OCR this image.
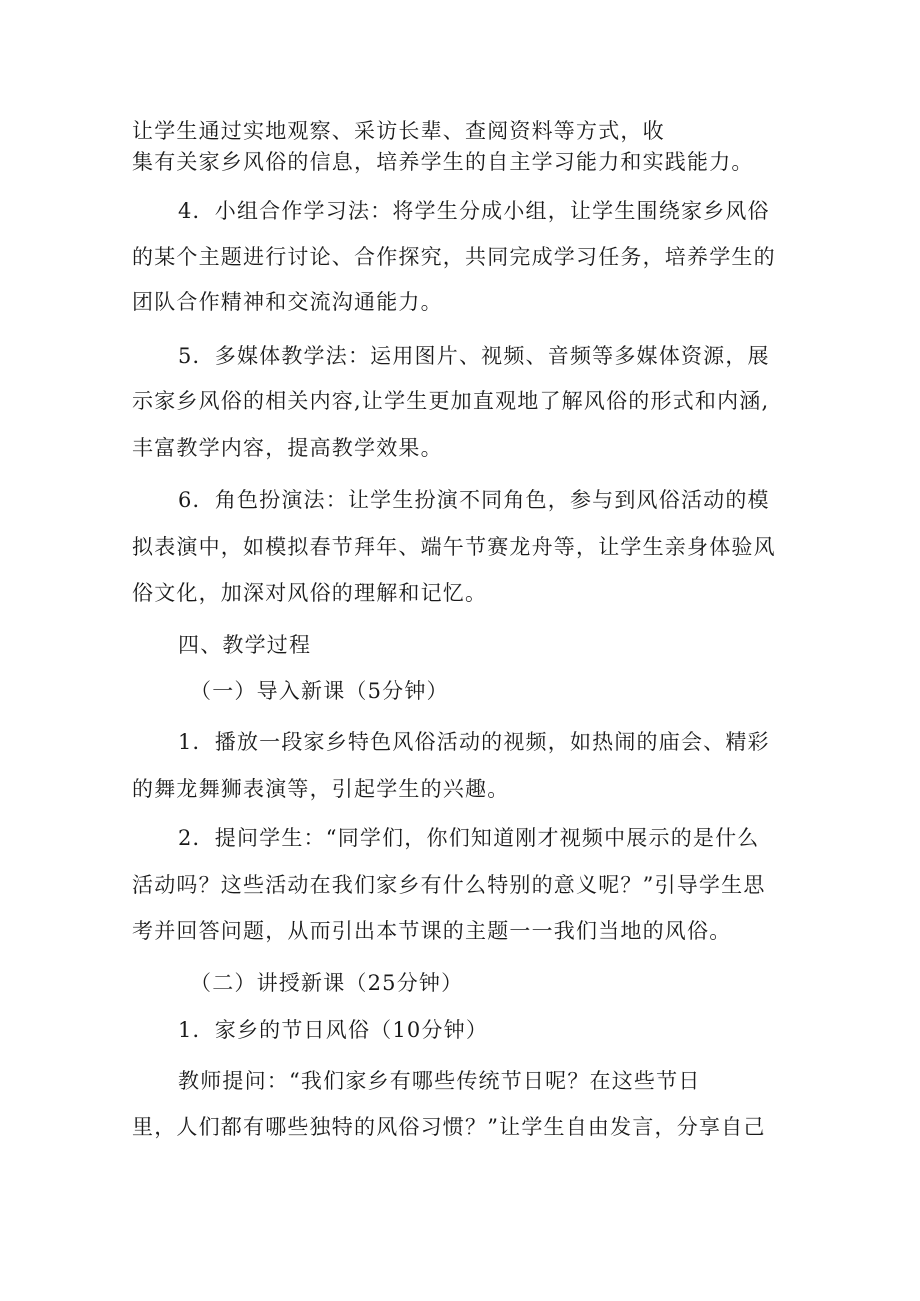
让学生通过实地观察、采访长辈、查阅资料等方式，收
集有关家乡风俗的信息，培养学生的自主学习能力和实践能力。
4．小组合作学习法：将学生分成小组，让学生围绕家乡风俗
的某个主题进行讨论、合作探究，共同完成学习任务，培养学生的
团队合作精神和交流沟通能力。
5．多媒体教学法：运用图片、视频、音频等多媒体资源，展
示家乡风俗的相关内容,让学生更加直观地了解风俗的形式和内涵,
丰富教学内容，提高教学效果。
6．角色扮演法：让学生扮演不同角色，参与到风俗活动的模
拟表演中，如模拟春节拜年、端午节赛龙舟等，让学生亲身体验风
俗文化，加深对风俗的理解和记忆。
四、教学过程
（一）导入新课（5分钟）
1．播放一段家乡特色风俗活动的视频，如热闹的庙会、精彩
的舞龙舞狮表演等，引起学生的兴趣。
2．提问学生：“同学们，你们知道刚才视频中展示的是什么
活动吗？这些活动在我们家乡有什么特别的意义呢？”引导学生思
考并回答问题，从而引出本节课的主题一一我们当地的风俗。
（二）讲授新课（25分钟）
1．家乡的节日风俗（10分钟）
教师提问：“我们家乡有哪些传统节日呢？在这些节日
里，人们都有哪些独特的风俗习惯？”让学生自由发言，分享自己
